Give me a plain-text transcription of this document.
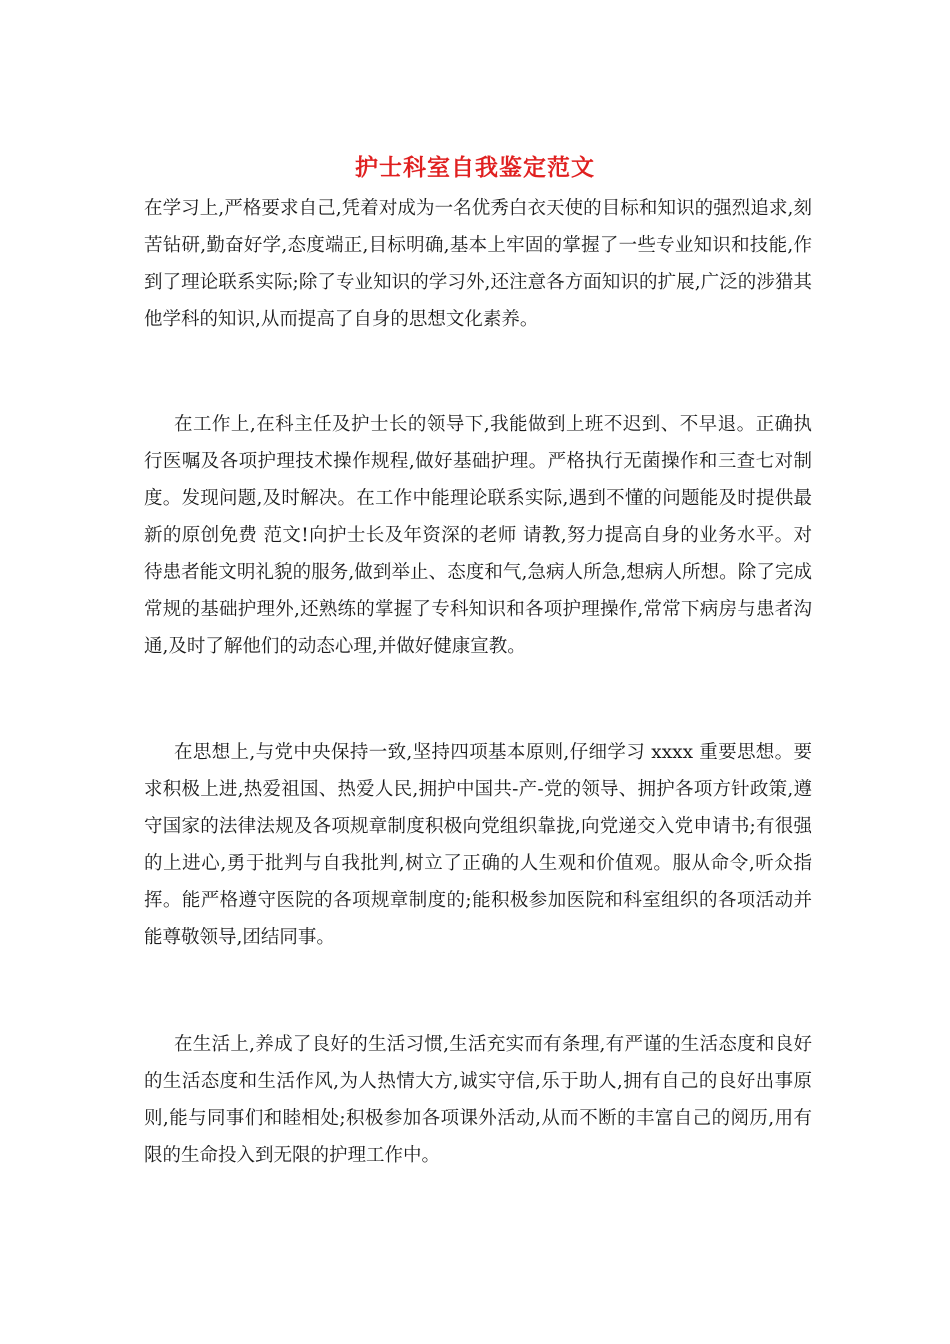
护士科室自我鉴定范文

在学习上,严格要求自己,凭着对成为一名优秀白衣天使的目标和知识的强烈追求,刻苦钻研,勤奋好学,态度端正,目标明确,基本上牢固的掌握了一些专业知识和技能,作到了理论联系实际;除了专业知识的学习外,还注意各方面知识的扩展,广泛的涉猎其他学科的知识,从而提高了自身的思想文化素养。

在工作上,在科主任及护士长的领导下,我能做到上班不迟到、不早退。正确执行医嘱及各项护理技术操作规程,做好基础护理。严格执行无菌操作和三查七对制度。发现问题,及时解决。在工作中能理论联系实际,遇到不懂的问题能及时提供最新的原创免费 范文!向护士长及年资深的老师 请教,努力提高自身的业务水平。对待患者能文明礼貌的服务,做到举止、态度和气,急病人所急,想病人所想。除了完成常规的基础护理外,还熟练的掌握了专科知识和各项护理操作,常常下病房与患者沟通,及时了解他们的动态心理,并做好健康宣教。

在思想上,与党中央保持一致,坚持四项基本原则,仔细学习 xxxx 重要思想。要求积极上进,热爱祖国、热爱人民,拥护中国共-产-党的领导、拥护各项方针政策,遵守国家的法律法规及各项规章制度积极向党组织靠拢,向党递交入党申请书;有很强的上进心,勇于批判与自我批判,树立了正确的人生观和价值观。服从命令,听众指挥。能严格遵守医院的各项规章制度的;能积极参加医院和科室组织的各项活动并能尊敬领导,团结同事。

在生活上,养成了良好的生活习惯,生活充实而有条理,有严谨的生活态度和良好的生活态度和生活作风,为人热情大方,诚实守信,乐于助人,拥有自己的良好出事原则,能与同事们和睦相处;积极参加各项课外活动,从而不断的丰富自己的阅历,用有限的生命投入到无限的护理工作中。
